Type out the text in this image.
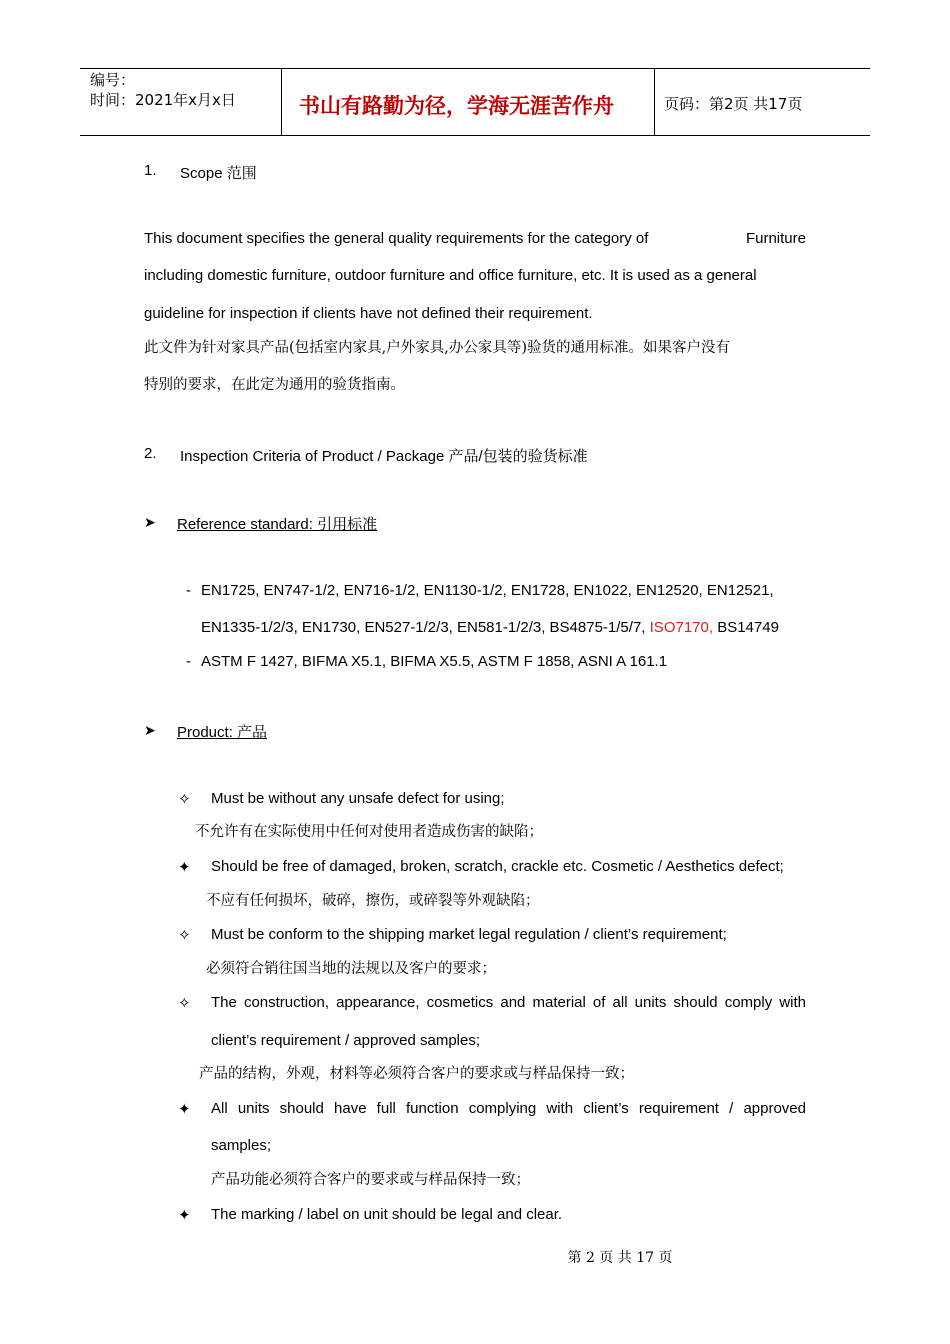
编号：
时间：2021年x月x日	书山有路勤为径，学海无涯苦作舟	页码：第2页 共17页
1. Scope 范围
This document specifies the general quality requirements for the category of	Furniture
including domestic furniture, outdoor furniture and office furniture, etc. It is used as a general
guideline for inspection if clients have not defined their requirement.
此文件为针对家具产品(包括室内家具,户外家具,办公家具等)验货的通用标准。如果客户没有
特别的要求，在此定为通用的验货指南。
2. Inspection Criteria of Product / Package 产品/包装的验货标准
➤ Reference standard: 引用标准
- EN1725, EN747-1/2, EN716-1/2, EN1130-1/2, EN1728, EN1022, EN12520, EN12521,
EN1335-1/2/3, EN1730, EN527-1/2/3, EN581-1/2/3, BS4875-1/5/7, ISO7170, BS14749
- ASTM F 1427, BIFMA X5.1, BIFMA X5.5, ASTM F 1858, ASNI A 161.1
➤ Product: 产品
✧ Must be without any unsafe defect for using;
不允许有在实际使用中任何对使用者造成伤害的缺陷；
✦ Should be free of damaged, broken, scratch, crackle etc. Cosmetic / Aesthetics defect;
不应有任何损坏，破碎，擦伤，或碎裂等外观缺陷；
✧ Must be conform to the shipping market legal regulation / client’s requirement;
必须符合销往国当地的法规以及客户的要求；
✧ The construction, appearance, cosmetics and material of all units should comply with
client’s requirement / approved samples;
产品的结构，外观，材料等必须符合客户的要求或与样品保持一致；
✦ All units should have full function complying with client’s requirement / approved
samples;
产品功能必须符合客户的要求或与样品保持一致；
✦ The marking / label on unit should be legal and clear.
第 2 页 共 17 页
